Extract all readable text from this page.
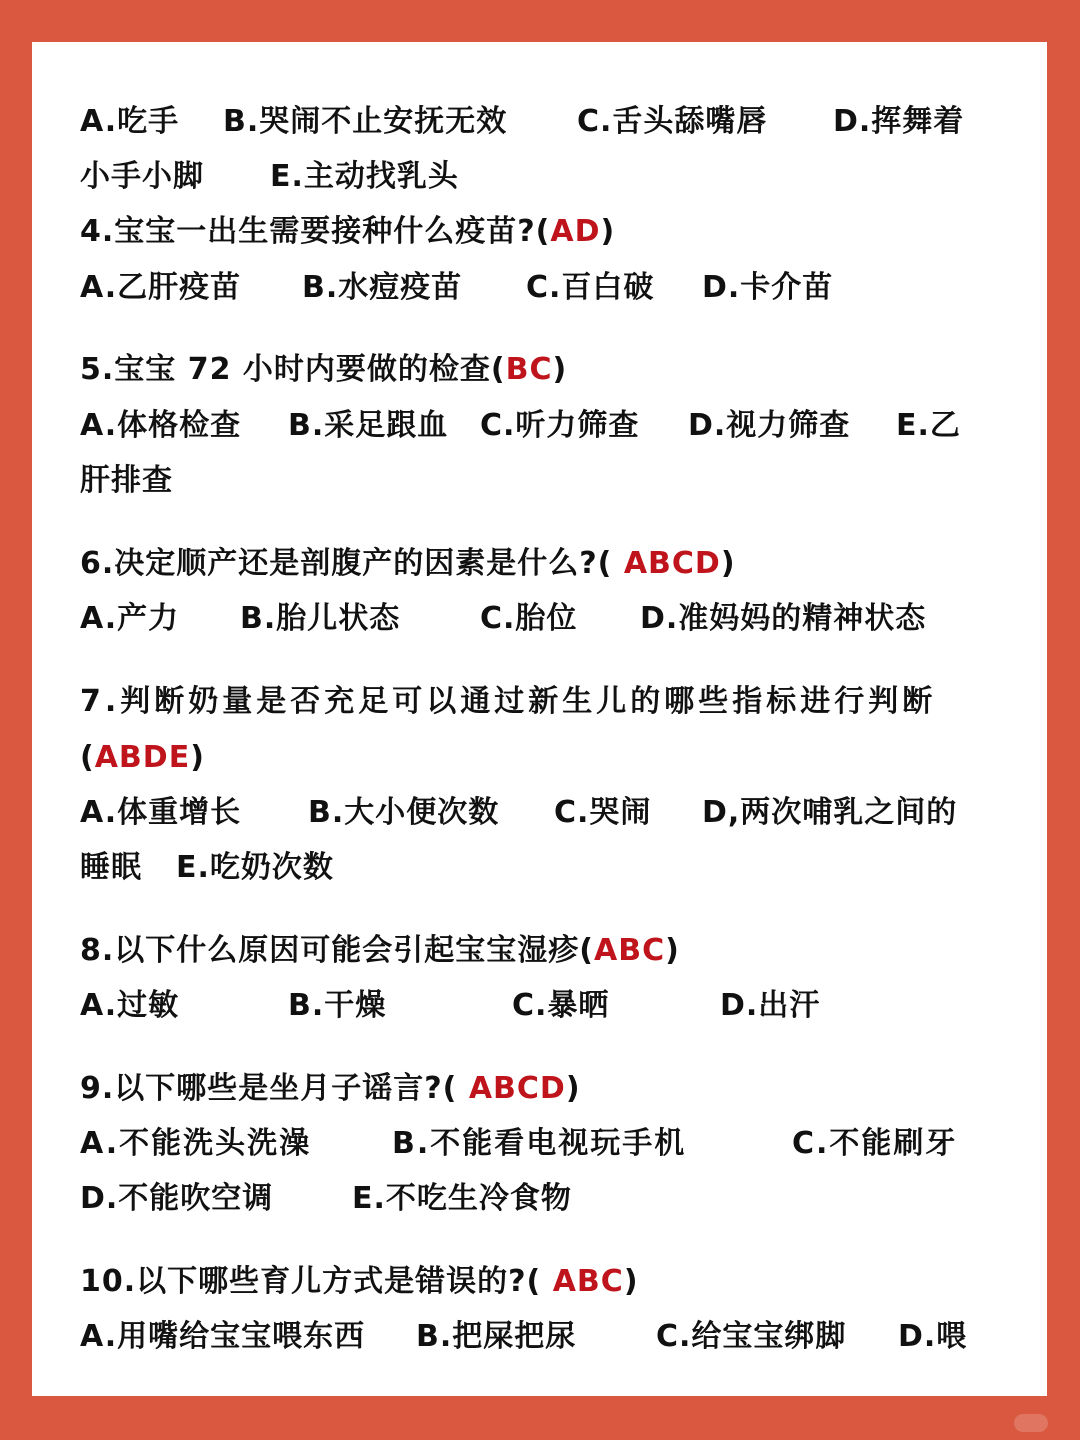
A.吃手 B.哭闹不止安抚无效 C.舌头舔嘴唇 D.挥舞着
小手小脚 E.主动找乳头
4.宝宝一出生需要接种什么疫苗?(AD)
A.乙肝疫苗 B.水痘疫苗 C.百白破 D.卡介苗
5.宝宝 72 小时内要做的检查(BC)
A.体格检查 B.采足跟血 C.听力筛查 D.视力筛查 E.乙
肝排查
6.决定顺产还是剖腹产的因素是什么?( ABCD)
A.产力 B.胎儿状态	C.胎位 D.准妈妈的精神状态
7.判断奶量是否充足可以通过新生儿的哪些指标进行判断
(ABDE)
A.体重增长 B.大小便次数 C.哭闹 D,两次哺乳之间的
睡眠 E.吃奶次数
8.以下什么原因可能会引起宝宝湿疹(ABC)
A.过敏	B.干燥	C.暴晒	D.出汗
9.以下哪些是坐月子谣言?( ABCD)
A.不能洗头洗澡	B.不能看电视玩手机	C.不能刷牙
D.不能吹空调	E.不吃生冷食物
10.以下哪些育儿方式是错误的?( ABC)
A.用嘴给宝宝喂东西 B.把屎把尿	C.给宝宝绑脚 D.喂
